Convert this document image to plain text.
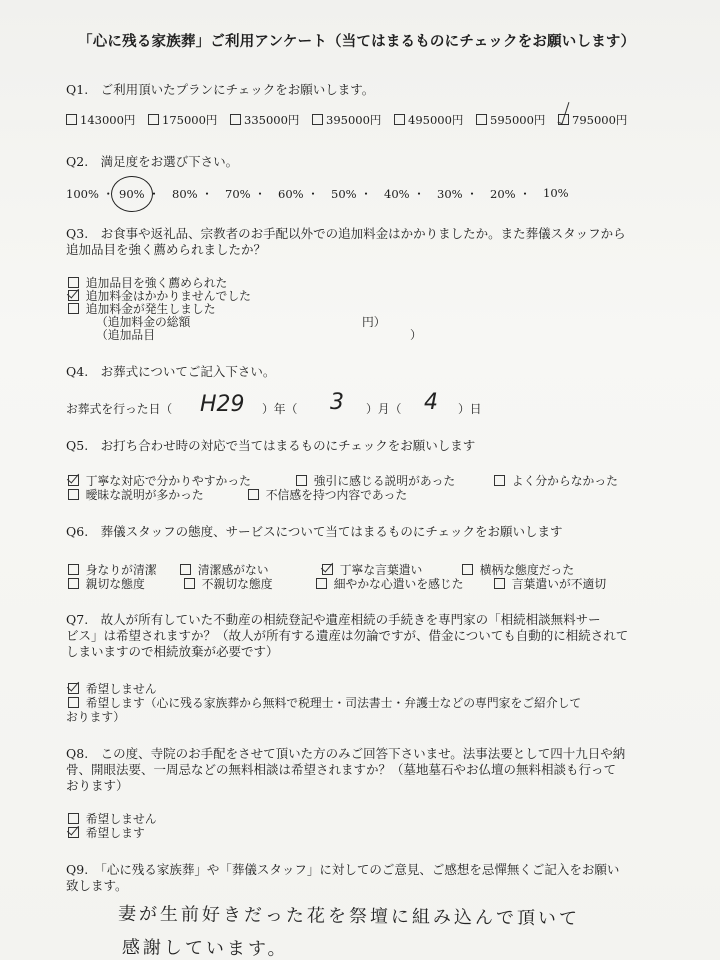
「心に残る家族葬」ご利用アンケート（当てはまるものにチェックをお願いします）
Q1.　ご利用頂いたプランにチェックをお願いします。
143000円	175000円	335000円	395000円	495000円	595000円	795000円
Q2.　満足度をお選び下さい。
100% ・ 90% ・	80% ・	70% ・	60% ・	50% ・	40% ・	30% ・	20% ・	10%
Q3.　お食事や返礼品、宗教者のお手配以外での追加料金はかかりましたか。また葬儀スタッフから
追加品目を強く薦められましたか？
追加品目を強く薦められた
追加料金はかかりませんでした
追加料金が発生しました
（追加料金の総額	円）
（追加品目	）
Q4.　お葬式についてご記入下さい。
お葬式を行った日（ H29 ）年（ 3 ）月（ 4 ）日
Q5.　お打ち合わせ時の対応で当てはまるものにチェックをお願いします
丁寧な対応で分かりやすかった	強引に感じる説明があった	よく分からなかった
曖昧な説明が多かった	不信感を持つ内容であった
Q6.　葬儀スタッフの態度、サービスについて当てはまるものにチェックをお願いします
身なりが清潔	清潔感がない	丁寧な言葉遣い	横柄な態度だった
親切な態度	不親切な態度	細やかな心遣いを感じた	言葉遣いが不適切
Q7.　故人が所有していた不動産の相続登記や遺産相続の手続きを専門家の「相続相談無料サー
ビス」は希望されますか？（故人が所有する遺産は勿論ですが、借金についても自動的に相続されて
しまいますので相続放棄が必要です）
希望しません
希望します（心に残る家族葬から無料で税理士・司法書士・弁護士などの専門家をご紹介して
おります）
Q8.　この度、寺院のお手配をさせて頂いた方のみご回答下さいませ。法事法要として四十九日や納
骨、開眼法要、一周忌などの無料相談は希望されますか？（墓地墓石やお仏壇の無料相談も行って
おります）
希望しません
希望します
Q9.　「心に残る家族葬」や「葬儀スタッフ」に対してのご意見、ご感想を忌憚無くご記入をお願い
致します。
妻が生前好きだった花を祭壇に組み込んで頂いて
感謝しています。
